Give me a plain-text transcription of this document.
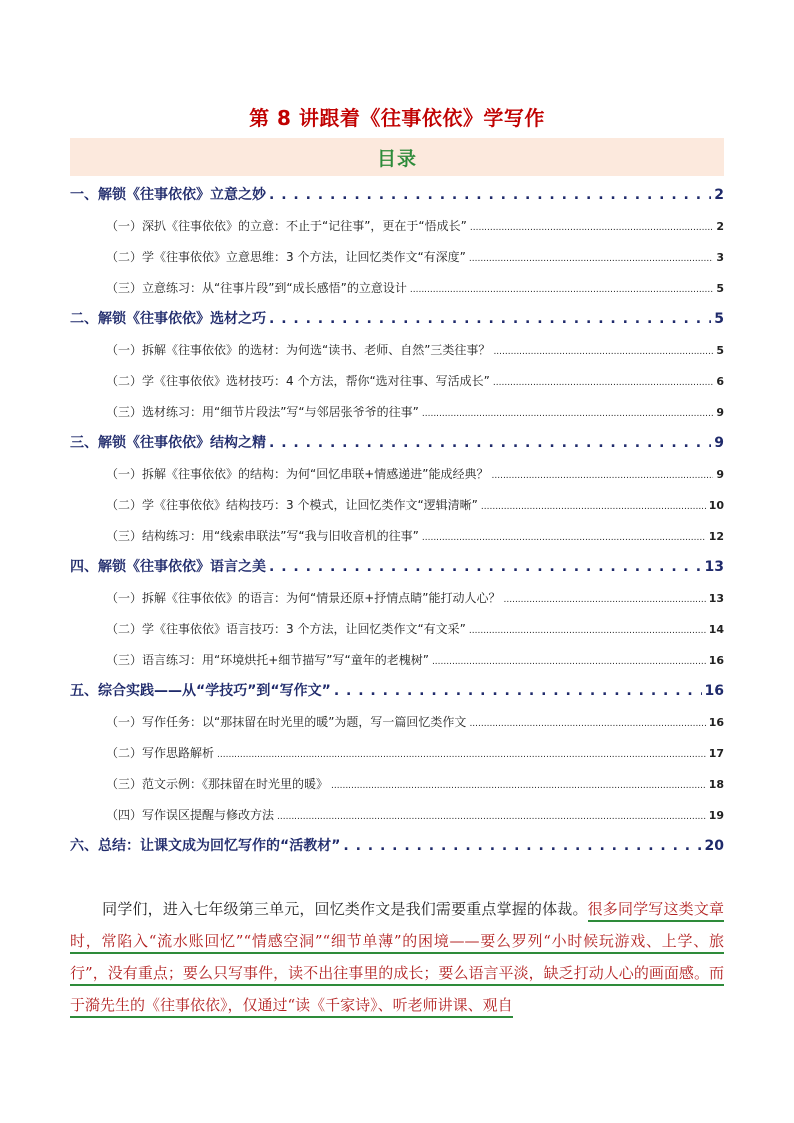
第 8 讲跟着《往事依依》学写作
目录
一、解锁《往事依依》立意之妙 . . .	2
（一）深扒《往事依依》的立意：不止于“记往事”，更在于“悟成长” .....	2
（二）学《往事依依》立意思维：3 个方法，让回忆类作文“有深度” .....	3
（三）立意练习：从“往事片段”到“成长感悟”的立意设计 .....	5
二、解锁《往事依依》选材之巧 . . .	5
（一）拆解《往事依依》的选材：为何选“读书、老师、自然”三类往事？ .....	5
（二）学《往事依依》选材技巧：4 个方法，帮你“选对往事、写活成长” .....	6
（三）选材练习：用“细节片段法”写“与邻居张爷爷的往事” .....	9
三、解锁《往事依依》结构之精 . . .	9
（一）拆解《往事依依》的结构：为何“回忆串联+情感递进”能成经典？ .....	9
（二）学《往事依依》结构技巧：3 个模式，让回忆类作文“逻辑清晰” .....	10
（三）结构练习：用“线索串联法”写“我与旧收音机的往事” .....	12
四、解锁《往事依依》语言之美 . . .	13
（一）拆解《往事依依》的语言：为何“情景还原+抒情点睛”能打动人心？ .....	13
（二）学《往事依依》语言技巧：3 个方法，让回忆类作文“有文采” .....	14
（三）语言练习：用“环境烘托+细节描写”写“童年的老槐树” .....	16
五、综合实践——从“学技巧”到“写作文” . . .	16
（一）写作任务：以“那抹留在时光里的暖”为题，写一篇回忆类作文 .....	16
（二）写作思路解析 .....	17
（三）范文示例：《那抹留在时光里的暖》 .....	18
（四）写作误区提醒与修改方法 .....	19
六、总结：让课文成为回忆写作的“活教材” . . .	20
同学们，进入七年级第三单元，回忆类作文是我们需要重点掌握的体裁。很多同学写这类文章时，常陷入“流水账回忆”“情感空洞”“细节单薄”的困境——要么罗列“小时候玩游戏、上学、旅行”，没有重点；要么只写事件，读不出往事里的成长；要么语言平淡，缺乏打动人心的画面感。而于漪先生的《往事依依》，仅通过“读《千家诗》、听老师讲课、观自
